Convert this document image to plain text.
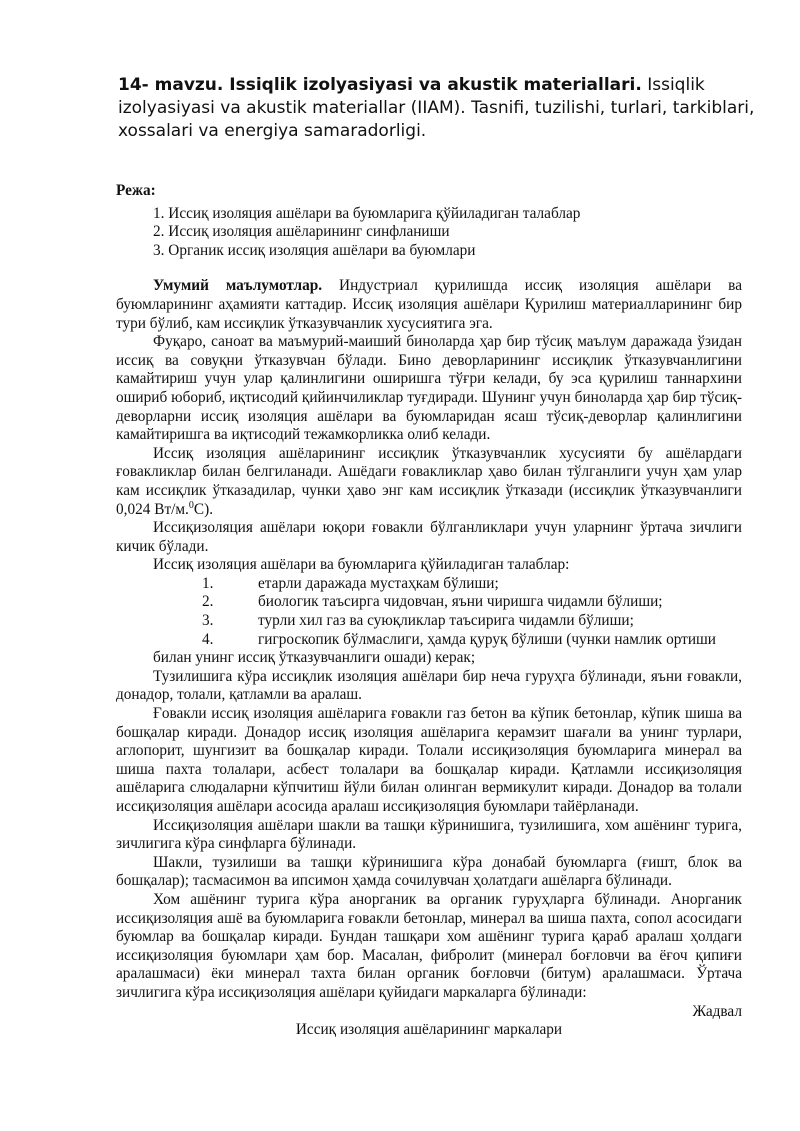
14- mavzu. Issiqlik izolyasiyasi va akustik materiallari. Issiqlik izolyasiyasi va akustik materiallar (IIAM). Tasnifi, tuzilishi, turlari, tarkiblari, xossalari va energiya samaradorligi.

Режа:

1. Иссиқ изоляция ашёлари ва буюмларига қўйиладиган талаблар

2. Иссиқ изоляция ашёларининг синфланиши

3. Органик иссиқ изоляция ашёлари ва буюмлари

Умумий маълумотлар. Индустриал қурилишда иссиқ изоляция ашёлари ва буюмларининг аҳамияти каттадир. Иссиқ изоляция ашёлари Қурилиш материалларининг бир тури бўлиб, кам иссиқлик ўтказувчанлик хусусиятига эга.

Фуқаро, саноат ва маъмурий-маиший биноларда ҳар бир тўсиқ маълум даражада ўзидан иссиқ ва совуқни ўтказувчан бўлади. Бино деворларининг иссиқлик ўтказувчанлигини камайтириш учун улар қалинлигини оширишга тўғри келади, бу эса қурилиш таннархини ошириб юбориб, иқтисодий қийинчиликлар туғдиради. Шунинг учун биноларда ҳар бир тўсиқ-деворларни иссиқ изоляция ашёлари ва буюмларидан ясаш тўсиқ-деворлар қалинлигини камайтиришга ва иқтисодий тежамкорликка олиб келади.

Иссиқ изоляция ашёларининг иссиқлик ўтказувчанлик хусусияти бу ашёлардаги ғовакликлар билан белгиланади. Ашёдаги ғовакликлар ҳаво билан тўлганлиги учун ҳам улар кам иссиқлик ўтказадилар, чунки ҳаво энг кам иссиқлик ўтказади (иссиқлик ўтказувчанлиги 0,024 Вт/м.$^0$С).

Иссиқизоляция ашёлари юқори ғовакли бўлганликлари учун уларнинг ўртача зичлиги кичик бўлади.

Иссиқ изоляция ашёлари ва буюмларига қўйиладиган талаблар:

1.	етарли даражада мустаҳкам бўлиши;
2.	биологик таъсирга чидовчан, яъни чиришга чидамли бўлиши;
3.	турли хил газ ва суюқликлар таъсирига чидамли бўлиши;
4.	гигроскопик бўлмаслиги, ҳамда қуруқ бўлиши (чунки намлик ортиши

билан унинг иссиқ ўтказувчанлиги ошади) керак;

Тузилишига кўра иссиқлик изоляция ашёлари бир неча гуруҳга бўлинади, яъни ғовакли, донадор, толали, қатламли ва аралаш.

Ғовакли иссиқ изоляция ашёларига ғовакли газ бетон ва кўпик бетонлар, кўпик шиша ва бошқалар киради. Донадор иссиқ изоляция ашёларига керамзит шағали ва унинг турлари, аглопорит, шунгизит ва бошқалар киради. Толали иссиқизоляция буюмларига минерал ва шиша пахта толалари, асбест толалари ва бошқалар киради. Қатламли иссиқизоляция ашёларига слюдаларни кўпчитиш йўли билан олинган вермикулит киради. Донадор ва толали иссиқизоляция ашёлари асосида аралаш иссиқизоляция буюмлари тайёрланади.

Иссиқизоляция ашёлари шакли ва ташқи кўринишига, тузилишига, хом ашёнинг турига, зичлигига кўра синфларга бўлинади.

Шакли, тузилиши ва ташқи кўринишига кўра донабай буюмларга (ғишт, блок ва бошқалар); тасмасимон ва ипсимон ҳамда сочилувчан ҳолатдаги ашёларга бўлинади.

Хом ашёнинг турига кўра анорганик ва органик гуруҳларга бўлинади. Анорганик иссиқизоляция ашё ва буюмларига ғовакли бетонлар, минерал ва шиша пахта, сопол асосидаги буюмлар ва бошқалар киради. Бундан ташқари хом ашёнинг турига қараб аралаш ҳолдаги иссиқизоляция буюмлари ҳам бор. Масалан, фибролит (минерал боғловчи ва ёғоч қипиғи аралашмаси) ёки минерал тахта билан органик боғловчи (битум) аралашмаси. Ўртача зичлигига кўра иссиқизоляция ашёлари қуйидаги маркаларга бўлинади:

Жадвал

Иссиқ изоляция ашёларининг маркалари
